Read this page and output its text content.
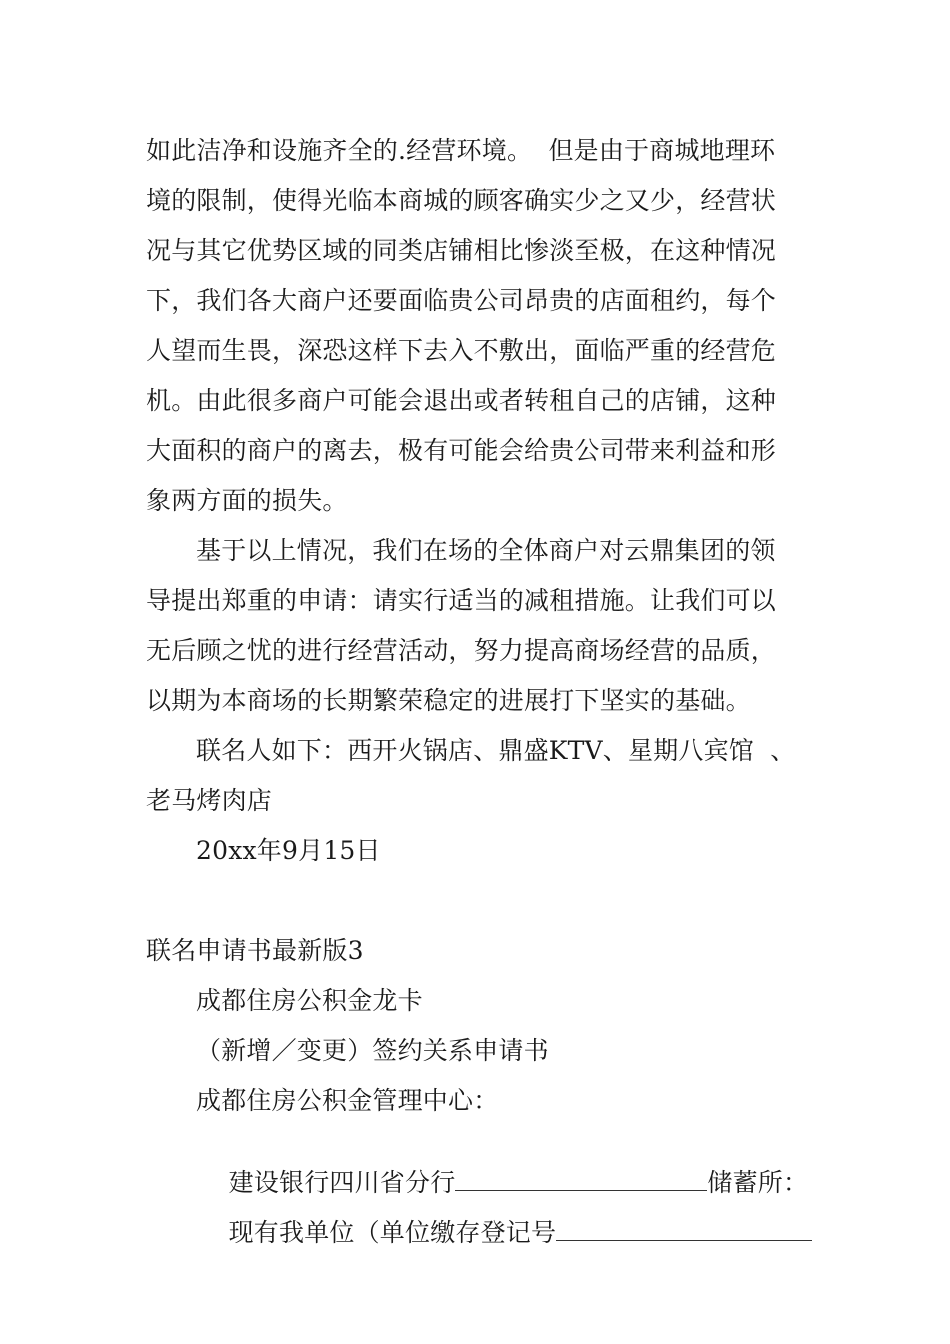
如此洁净和设施齐全的.经营环境。  但是由于商城地理环
境的限制，使得光临本商城的顾客确实少之又少，经营状
况与其它优势区域的同类店铺相比惨淡至极，在这种情况
下，我们各大商户还要面临贵公司昂贵的店面租约，每个
人望而生畏，深恐这样下去入不敷出，面临严重的经营危
机。由此很多商户可能会退出或者转租自己的店铺，这种
大面积的商户的离去，极有可能会给贵公司带来利益和形
象两方面的损失。
基于以上情况，我们在场的全体商户对云鼎集团的领
导提出郑重的申请：请实行适当的减租措施。让我们可以
无后顾之忧的进行经营活动，努力提高商场经营的品质，
以期为本商场的长期繁荣稳定的进展打下坚实的基础。
联名人如下：西开火锅店、鼎盛KTV、星期八宾馆  、
老马烤肉店
20xx年9月15日
联名申请书最新版3
成都住房公积金龙卡
（新增／变更）签约关系申请书
成都住房公积金管理中心：

建设银行四川省分行	储蓄所：

现有我单位（单位缴存登记号
